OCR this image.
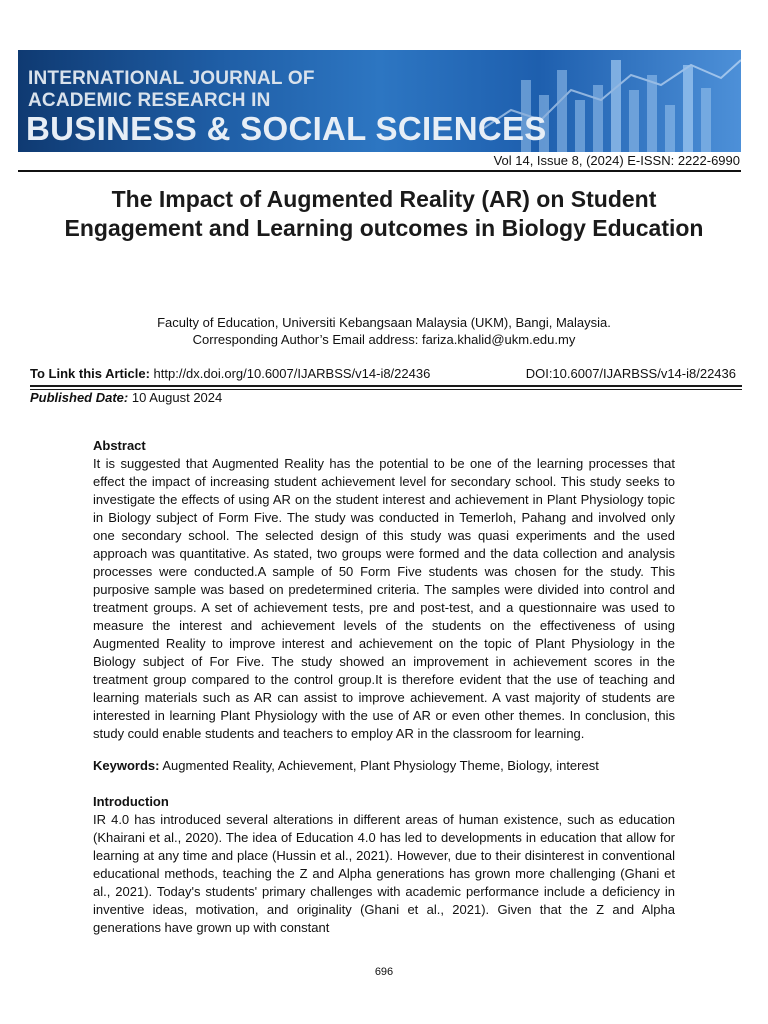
INTERNATIONAL JOURNAL OF
ACADEMIC RESEARCH IN
BUSINESS & SOCIAL SCIENCES
Vol 14, Issue 8, (2024) E-ISSN: 2222-6990
The Impact of Augmented Reality (AR) on Student Engagement and Learning outcomes in Biology Education
Faculty of Education, Universiti Kebangsaan Malaysia (UKM), Bangi, Malaysia.
Corresponding Author’s Email address: fariza.khalid@ukm.edu.my
To Link this Article: http://dx.doi.org/10.6007/IJARBSS/v14-i8/22436	DOI:10.6007/IJARBSS/v14-i8/22436
Published Date: 10 August 2024
Abstract
It is suggested that Augmented Reality has the potential to be one of the learning processes that effect the impact of increasing student achievement level for secondary school. This study seeks to investigate the effects of using AR on the student interest and achievement in Plant Physiology topic in Biology subject of Form Five. The study was conducted in Temerloh, Pahang and involved only one secondary school. The selected design of this study was quasi experiments and the used approach was quantitative. As stated, two groups were formed and the data collection and analysis processes were conducted.A sample of 50 Form Five students was chosen for the study. This purposive sample was based on predetermined criteria. The samples were divided into control and treatment groups. A set of achievement tests, pre and post-test, and a questionnaire was used to measure the interest and achievement levels of the students on the effectiveness of using Augmented Reality to improve interest and achievement on the topic of Plant Physiology in the Biology subject of For Five. The study showed an improvement in achievement scores in the treatment group compared to the control group.It is therefore evident that the use of teaching and learning materials such as AR can assist to improve achievement. A vast majority of students are interested in learning Plant Physiology with the use of AR or even other themes. In conclusion, this study could enable students and teachers to employ AR in the classroom for learning.
Keywords: Augmented Reality, Achievement, Plant Physiology Theme, Biology, interest
Introduction
IR 4.0 has introduced several alterations in different areas of human existence, such as education (Khairani et al., 2020). The idea of Education 4.0 has led to developments in education that allow for learning at any time and place (Hussin et al., 2021). However, due to their disinterest in conventional educational methods, teaching the Z and Alpha generations has grown more challenging (Ghani et al., 2021). Today's students' primary challenges with academic performance include a deficiency in inventive ideas, motivation, and originality (Ghani et al., 2021). Given that the Z and Alpha generations have grown up with constant
696
